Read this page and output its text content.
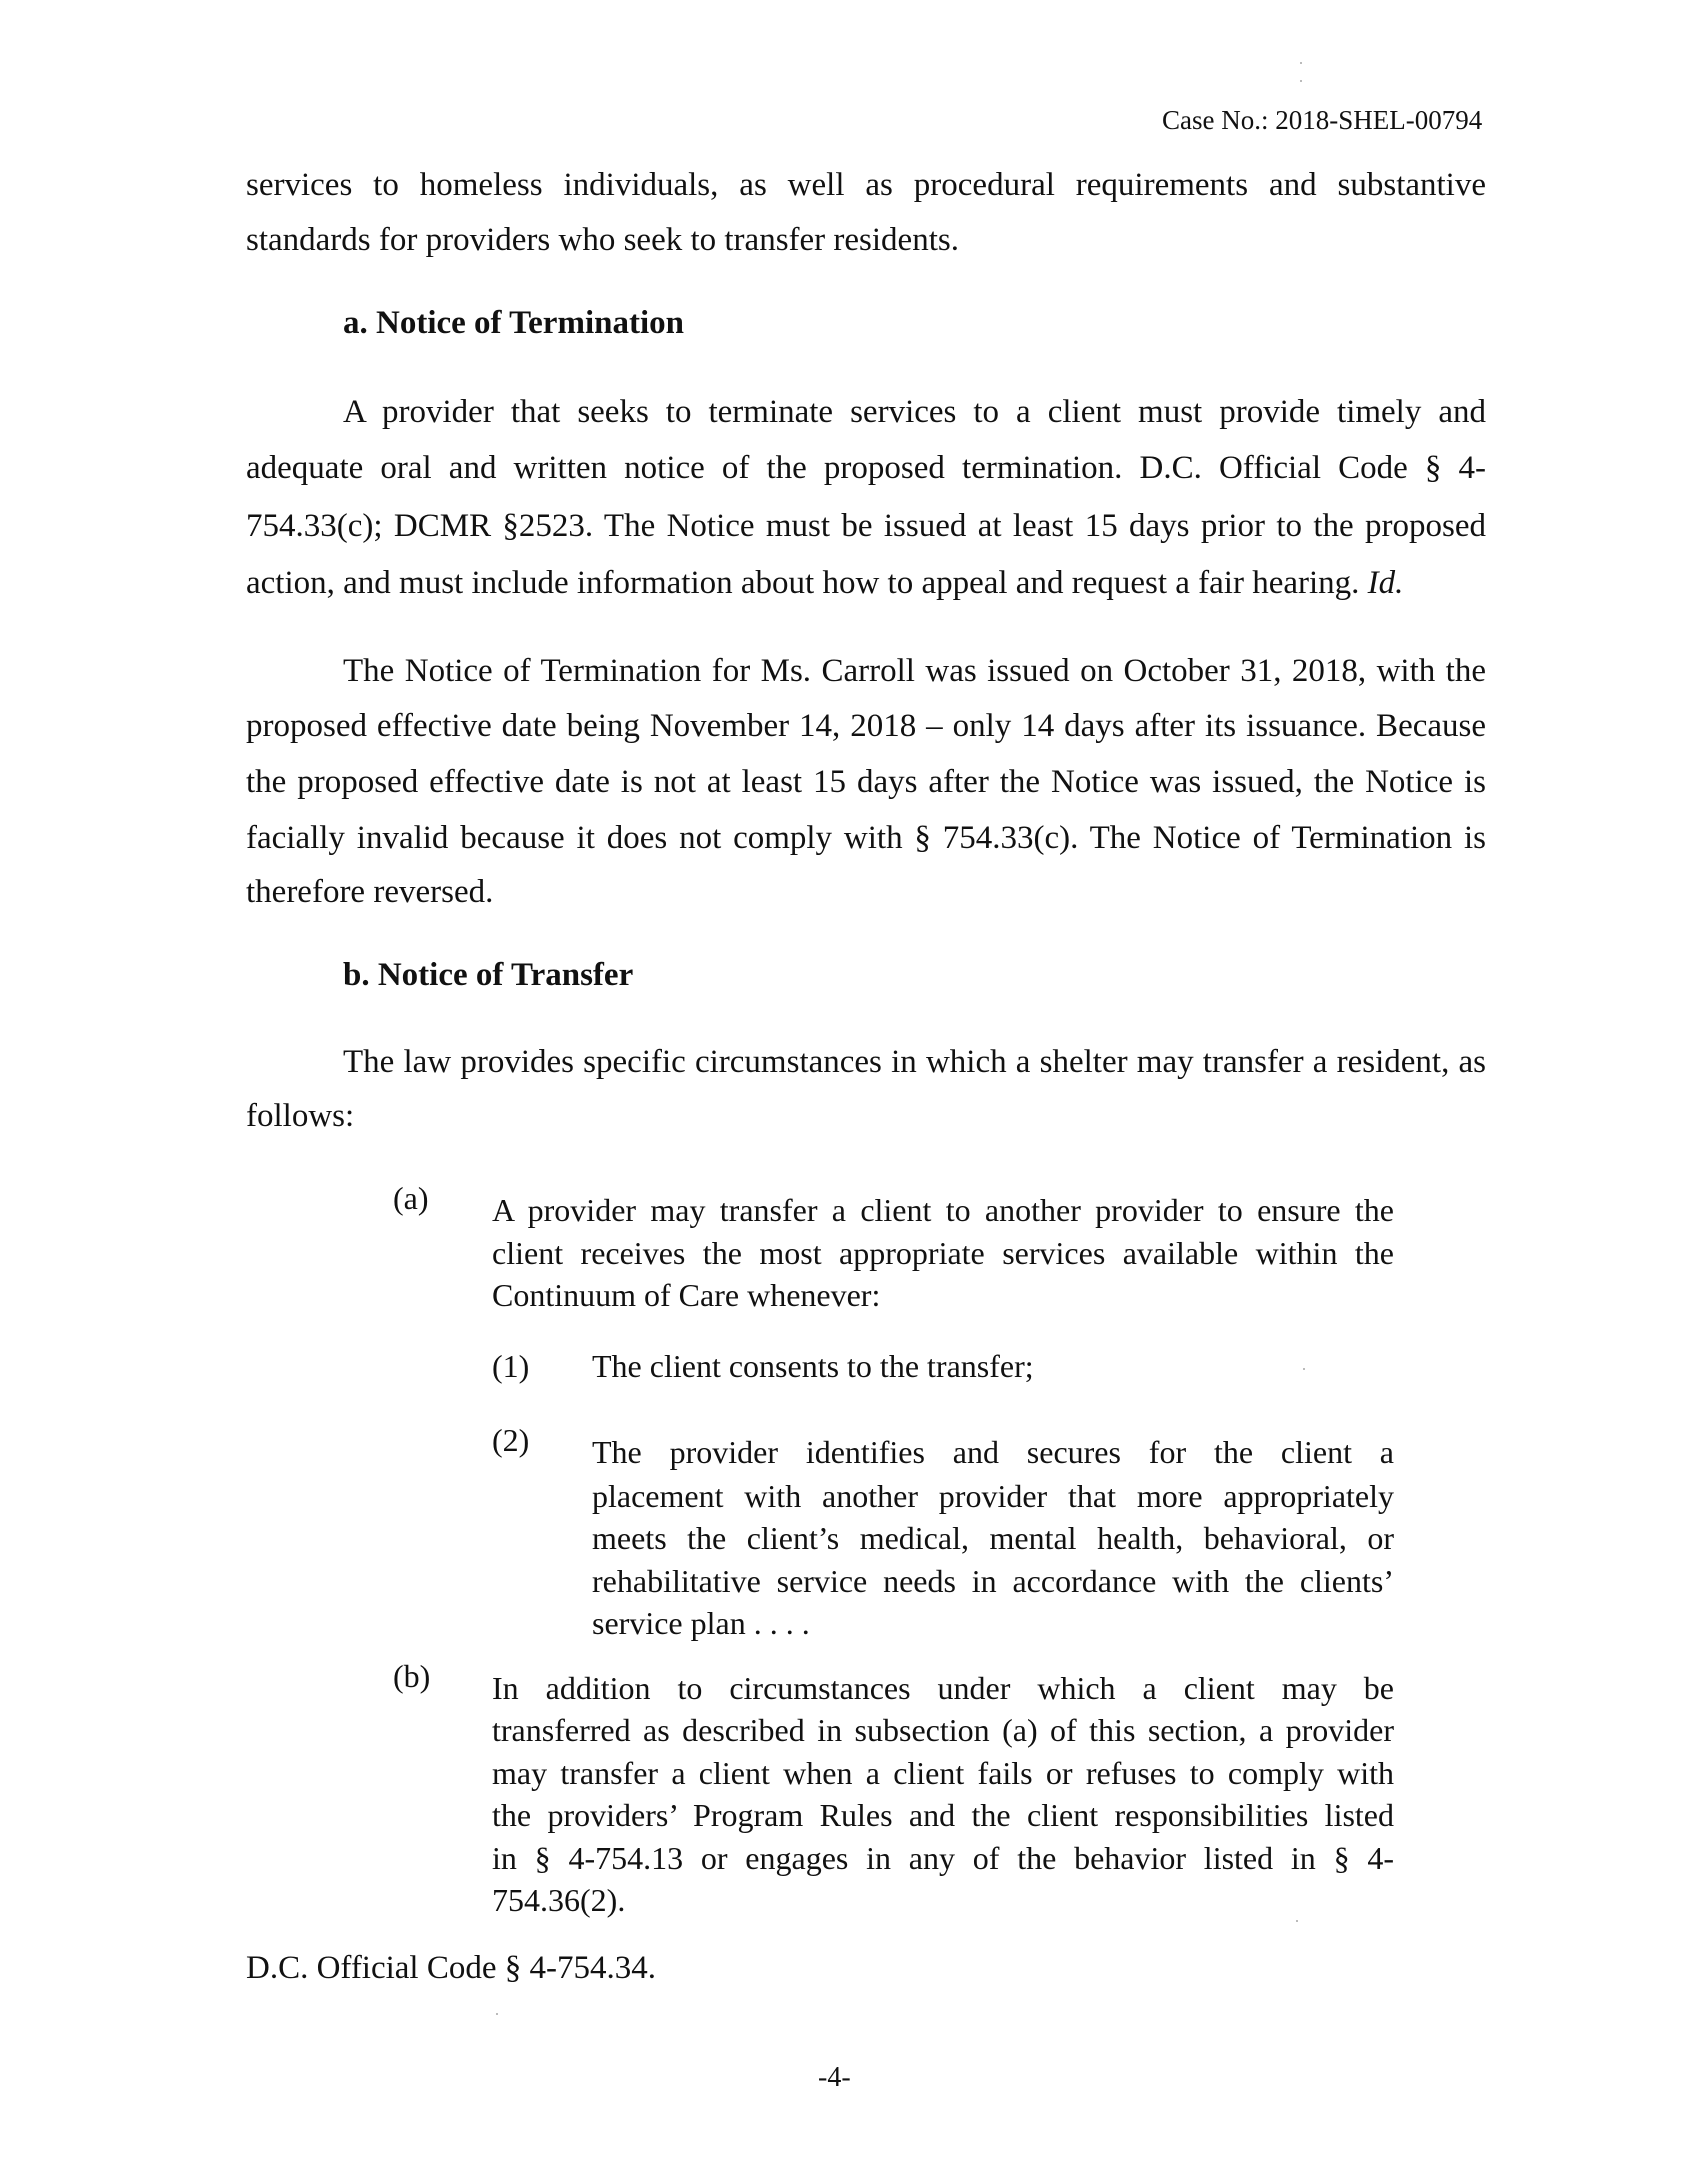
Case No.: 2018-SHEL-00794
services to homeless individuals, as well as procedural requirements and substantive
standards for providers who seek to transfer residents.
a. Notice of Termination
A provider that seeks to terminate services to a client must provide timely and
adequate oral and written notice of the proposed termination. D.C. Official Code § 4-
754.33(c); DCMR §2523. The Notice must be issued at least 15 days prior to the proposed
action, and must include information about how to appeal and request a fair hearing. Id.
The Notice of Termination for Ms. Carroll was issued on October 31, 2018, with the
proposed effective date being November 14, 2018 – only 14 days after its issuance. Because
the proposed effective date is not at least 15 days after the Notice was issued, the Notice is
facially invalid because it does not comply with § 754.33(c). The Notice of Termination is
therefore reversed.
b. Notice of Transfer
The law provides specific circumstances in which a shelter may transfer a resident, as
follows:
(a) A provider may transfer a client to another provider to ensure the
client receives the most appropriate services available within the
Continuum of Care whenever:
(1) The client consents to the transfer;
(2) The provider identifies and secures for the client a
placement with another provider that more appropriately
meets the client’s medical, mental health, behavioral, or
rehabilitative service needs in accordance with the clients’
service plan . . . .
(b) In addition to circumstances under which a client may be
transferred as described in subsection (a) of this section, a provider
may transfer a client when a client fails or refuses to comply with
the providers’ Program Rules and the client responsibilities listed
in § 4-754.13 or engages in any of the behavior listed in § 4-
754.36(2).
D.C. Official Code § 4-754.34.
-4-
